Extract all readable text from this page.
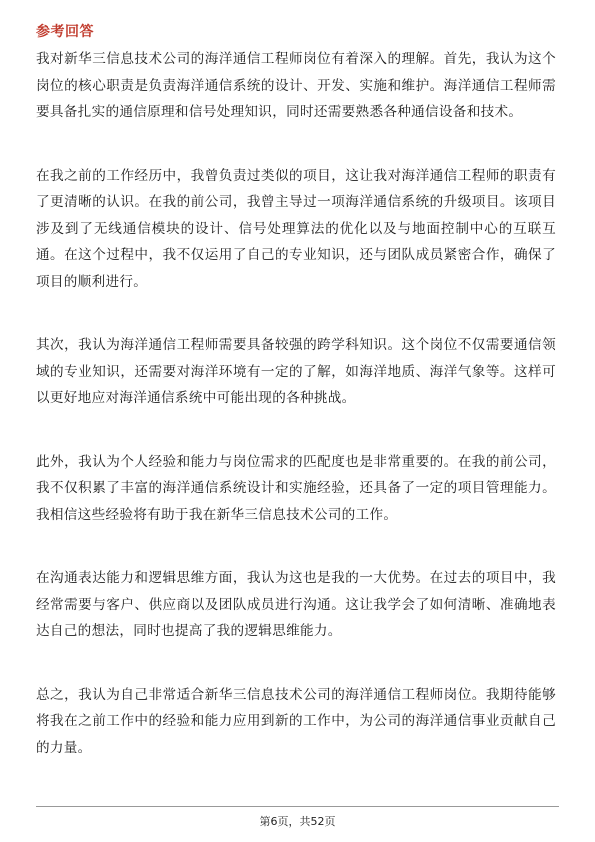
参考回答

我对新华三信息技术公司的海洋通信工程师岗位有着深入的理解。首先，我认为这个岗位的核心职责是负责海洋通信系统的设计、开发、实施和维护。海洋通信工程师需要具备扎实的通信原理和信号处理知识，同时还需要熟悉各种通信设备和技术。

在我之前的工作经历中，我曾负责过类似的项目，这让我对海洋通信工程师的职责有了更清晰的认识。在我的前公司，我曾主导过一项海洋通信系统的升级项目。该项目涉及到了无线通信模块的设计、信号处理算法的优化以及与地面控制中心的互联互通。在这个过程中，我不仅运用了自己的专业知识，还与团队成员紧密合作，确保了项目的顺利进行。

其次，我认为海洋通信工程师需要具备较强的跨学科知识。这个岗位不仅需要通信领域的专业知识，还需要对海洋环境有一定的了解，如海洋地质、海洋气象等。这样可以更好地应对海洋通信系统中可能出现的各种挑战。

此外，我认为个人经验和能力与岗位需求的匹配度也是非常重要的。在我的前公司，我不仅积累了丰富的海洋通信系统设计和实施经验，还具备了一定的项目管理能力。我相信这些经验将有助于我在新华三信息技术公司的工作。

在沟通表达能力和逻辑思维方面，我认为这也是我的一大优势。在过去的项目中，我经常需要与客户、供应商以及团队成员进行沟通。这让我学会了如何清晰、准确地表达自己的想法，同时也提高了我的逻辑思维能力。

总之，我认为自己非常适合新华三信息技术公司的海洋通信工程师岗位。我期待能够将我在之前工作中的经验和能力应用到新的工作中，为公司的海洋通信事业贡献自己的力量。

第6页，共52页
